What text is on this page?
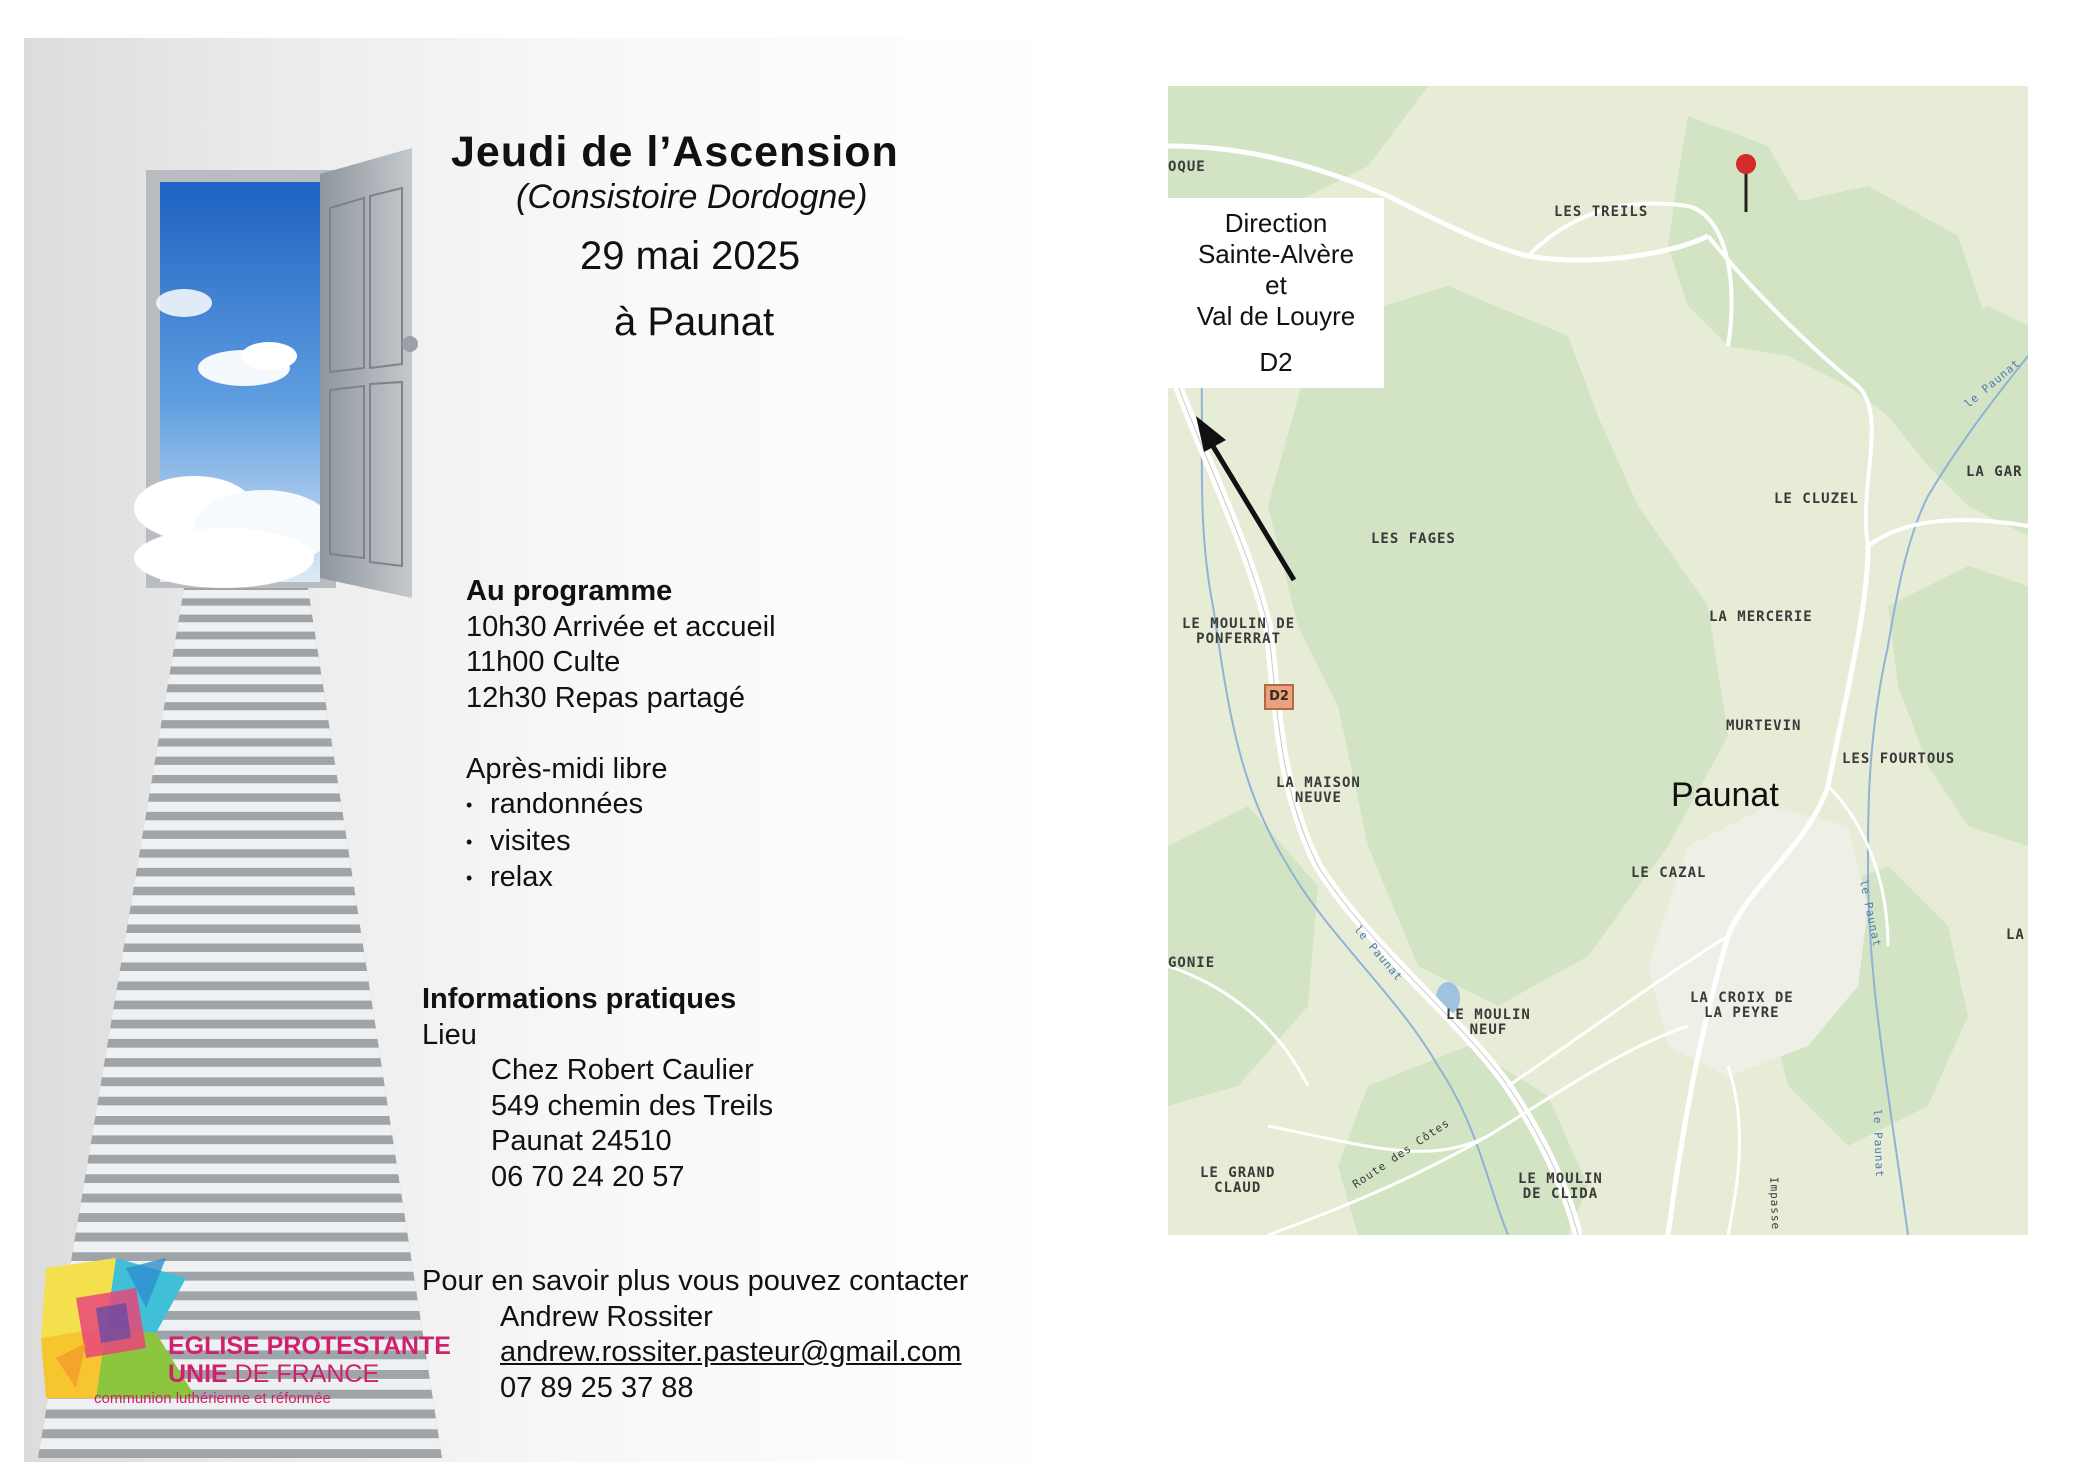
Jeudi de l’Ascension
(Consistoire Dordogne)
29 mai 2025
à Paunat
Au programme
10h30 Arrivée et accueil
11h00 Culte
12h30 Repas partagé
Après-midi libre
• randonnées
• visites
• relax
Informations pratiques
Lieu
Chez Robert Caulier
549 chemin des Treils
Paunat 24510
06 70 24 20 57
Pour en savoir plus vous pouvez contacter
Andrew Rossiter
andrew.rossiter.pasteur@gmail.com
07 89 25 37 88
EGLISE PROTESTANTE
UNIE DE FRANCE
communion luthérienne et réformée
OQUE
LES TREILS
LE CLUZEL
LA GAR
LES FAGES
LA MERCERIE
LE MOULIN DE
PONFERRAT
MURTEVIN
LES FOURTOUS
LA MAISON
NEUVE
LE CAZAL
LA
GONIE
LA CROIX DE
LA PEYRE
LE MOULIN
NEUF
LE GRAND
CLAUD
LE MOULIN
DE CLIDA
Route des Côtes
le Paunat
le Paunat
le Paunat
le Paunat
Impasse
Paunat
D2
Direction
Sainte-Alvère
et
Val de Louyre
D2
